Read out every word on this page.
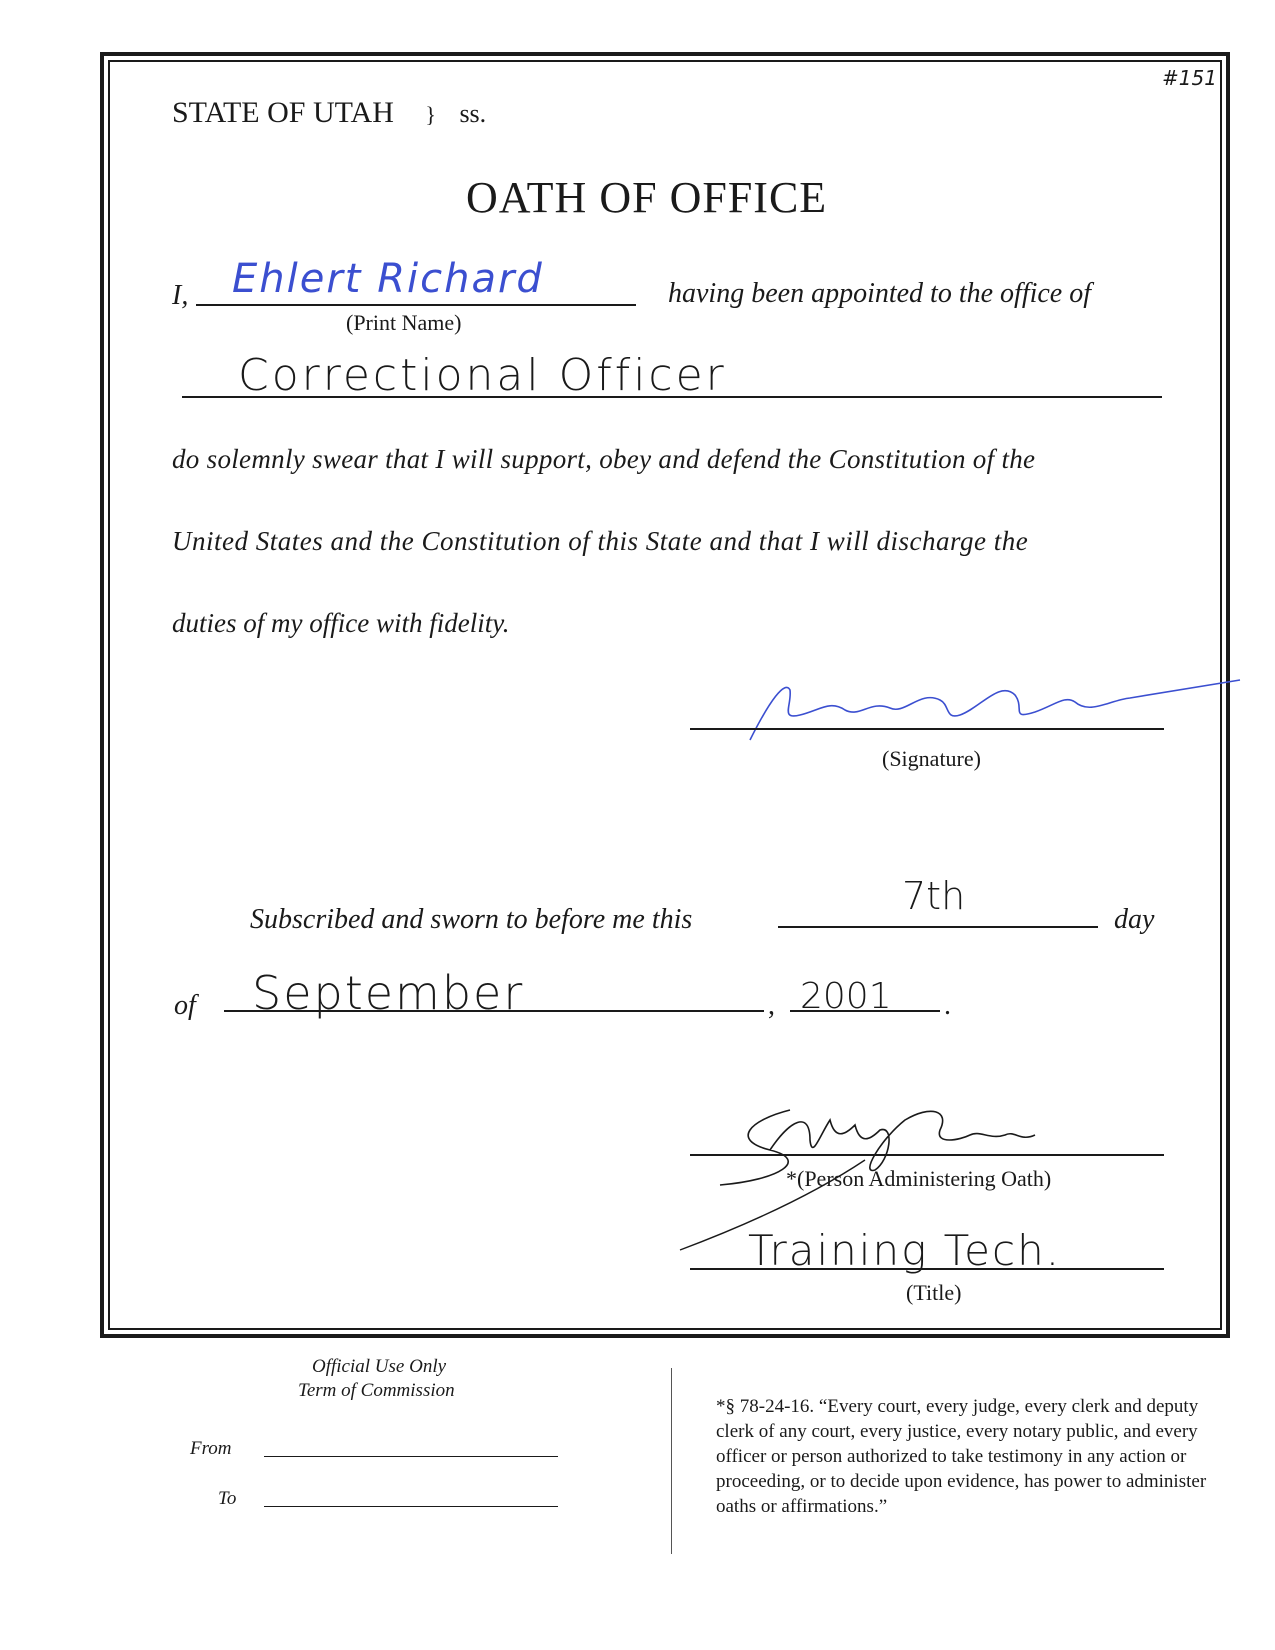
#151
STATE OF UTAH } ss.
OATH OF OFFICE
I, Ehlert Richard
(Print Name)
having been appointed to the office of
Correctional Officer
do solemnly swear that I will support, obey and defend the Constitution of the
United States and the Constitution of this State and that I will discharge the
duties of my office with fidelity.
(Signature)
Subscribed and sworn to before me this
7th
day
of September	, 2001 .
*(Person Administering Oath)
Training Tech.
(Title)
Official Use Only
Term of Commission
From
To
*§ 78-24-16. “Every court, every judge, every clerk and deputy clerk of any court, every justice, every notary public, and every officer or person authorized to take testimony in any action or proceeding, or to decide upon evidence, has power to administer oaths or affirmations.”
